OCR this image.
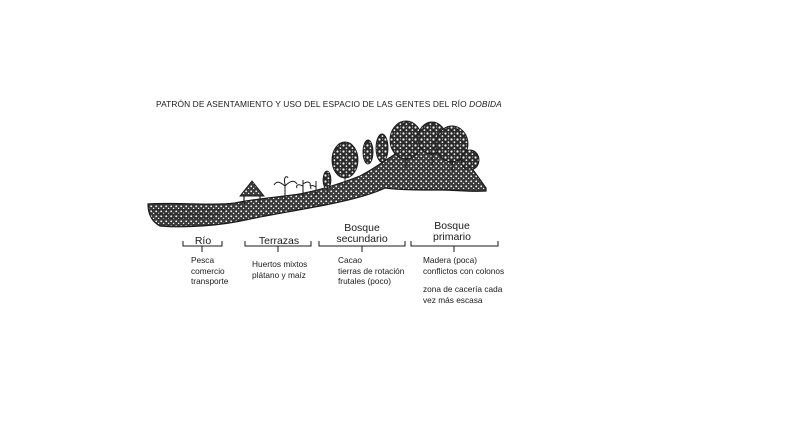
PATRÓN DE ASENTAMIENTO Y USO DEL ESPACIO DE LAS GENTES DEL RÍO DOBIDA
Río	Terrazas
Bosque
secundario
Bosque
primario
Pesca
comercio
transporte
Huertos mixtos
plátano y maíz
Cacao
tierras de rotación
frutales (poco)
Madera (poca)
conflictos con colonos
zona de cacería cada
vez más escasa
